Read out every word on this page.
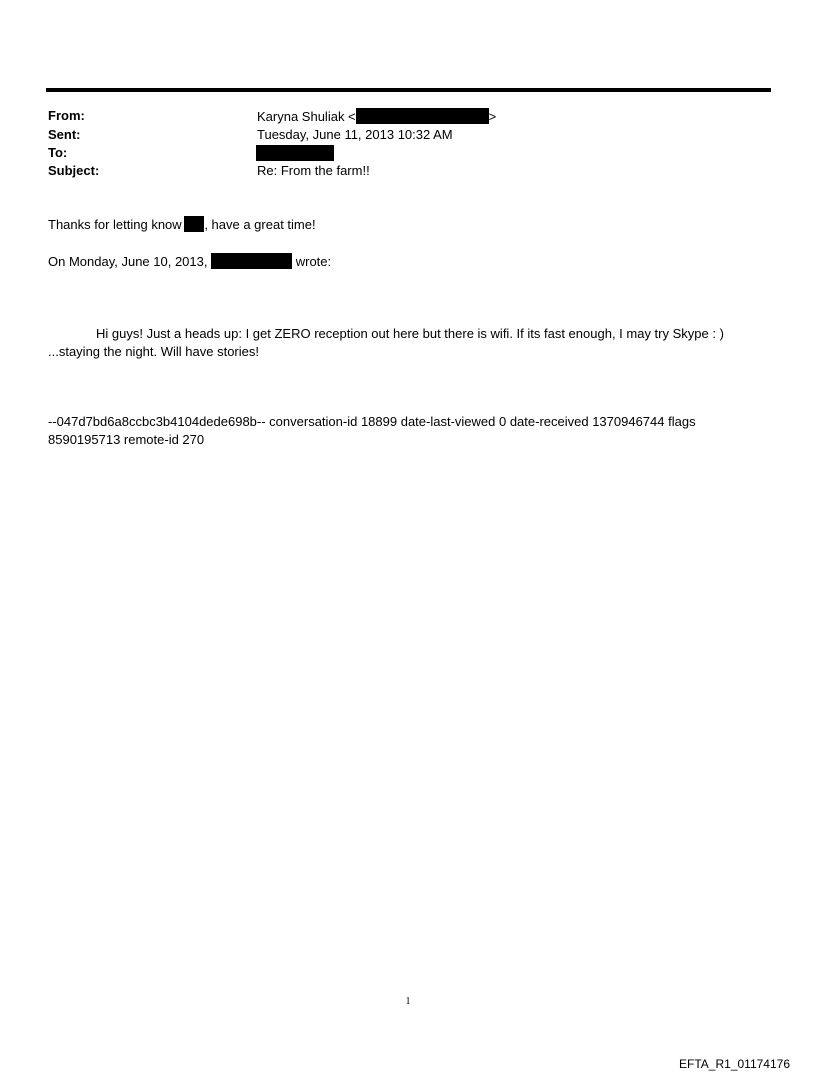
From:	Karyna Shuliak <	>
Sent:	Tuesday, June 11, 2013 10:32 AM
To:
Subject:	Re: From the farm!!
Thanks for letting know , have a great time!
On Monday, June 10, 2013,	wrote:
Hi guys! Just a heads up: I get ZERO reception out here but there is wifi. If its fast enough, I may try Skype : )
...staying the night. Will have stories!
--047d7bd6a8ccbc3b4104dede698b-- conversation-id 18899 date-last-viewed 0 date-received 1370946744 flags
8590195713 remote-id 270
1
EFTA_R1_01174176
